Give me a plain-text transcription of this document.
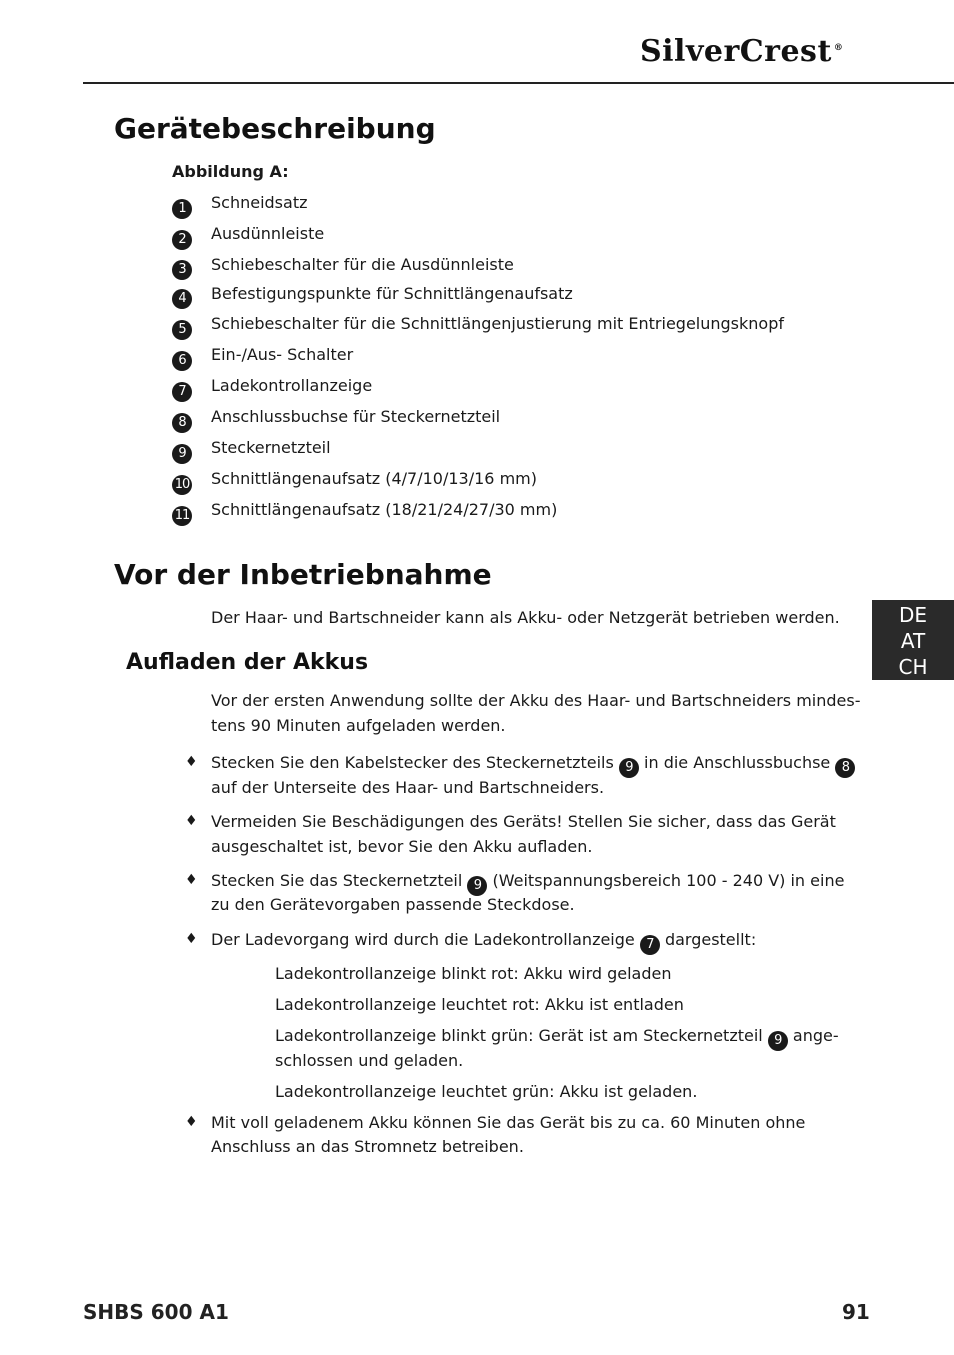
SilverCrest ®
Gerätebeschreibung
Abbildung A:
1	Schneidsatz
2	Ausdünnleiste
3	Schiebeschalter für die Ausdünnleiste
4	Befestigungspunkte für Schnittlängenaufsatz
5	Schiebeschalter für die Schnittlängenjustierung mit Entriegelungsknopf
6	Ein-/Aus- Schalter
7	Ladekontrollanzeige
8	Anschlussbuchse für Steckernetzteil
9	Steckernetzteil
10 Schnittlängenaufsatz (4/7/10/13/16 mm)
11 Schnittlängenaufsatz (18/21/24/27/30 mm)
Vor der Inbetriebnahme
Der Haar- und Bartschneider kann als Akku- oder Netzgerät betrieben werden.	DE
AT
CH
Aufladen der Akkus
Vor der ersten Anwendung sollte der Akku des Haar- und Bartschneiders mindes-
tens 90 Minuten aufgeladen werden.
♦ Stecken Sie den Kabelstecker des Steckernetzteils 9 in die Anschlussbuchse 8
auf der Unterseite des Haar- und Bartschneiders.
♦ Vermeiden Sie Beschädigungen des Geräts! Stellen Sie sicher, dass das Gerät
ausgeschaltet ist, bevor Sie den Akku aufladen.
♦ Stecken Sie das Steckernetzteil 9 (Weitspannungsbereich 100 - 240 V) in eine
zu den Gerätevorgaben passende Steckdose.
♦ Der Ladevorgang wird durch die Ladekontrollanzeige 7 dargestellt:
Ladekontrollanzeige blinkt rot: Akku wird geladen
Ladekontrollanzeige leuchtet rot: Akku ist entladen
Ladekontrollanzeige blinkt grün: Gerät ist am Steckernetzteil 9 ange-
schlossen und geladen.
Ladekontrollanzeige leuchtet grün: Akku ist geladen.
♦ Mit voll geladenem Akku können Sie das Gerät bis zu ca. 60 Minuten ohne
Anschluss an das Stromnetz betreiben.
SHBS 600 A1	91
